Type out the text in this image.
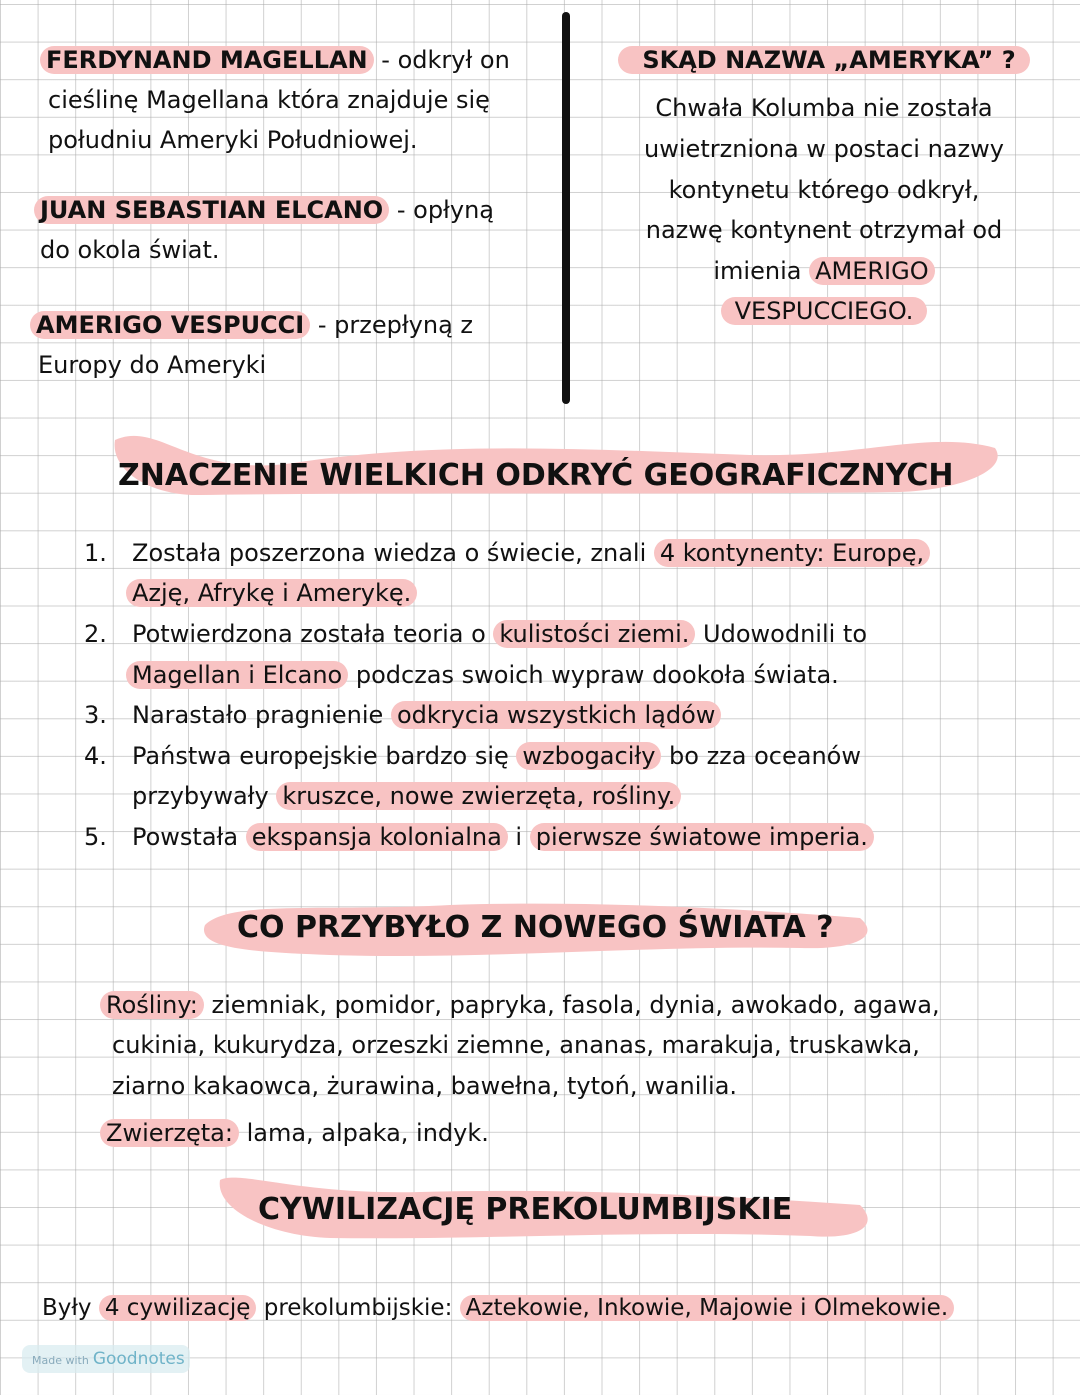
FERDYNAND MAGELLAN - odkrył on
cieślinę Magellana która znajduje się
południu Ameryki Południowej.
JUAN SEBASTIAN ELCANO - opłyną
do okola świat.
AMERIGO VESPUCCI - przepłyną z
Europy do Ameryki
SKĄD NAZWA „AMERYKA” ?
Chwała Kolumba nie została
uwietrzniona w postaci nazwy
kontynetu którego odkrył,
nazwę kontynent otrzymał od
imienia AMERIGO
VESPUCCIEGO.
ZNACZENIE WIELKICH ODKRYĆ GEOGRAFICZNYCH
1. Została poszerzona wiedza o świecie, znali 4 kontynenty: Europę,
Azję, Afrykę i Amerykę.
2. Potwierdzona została teoria o kulistości ziemi. Udowodnili to
Magellan i Elcano podczas swoich wypraw dookoła świata.
3. Narastało pragnienie odkrycia wszystkich lądów
4. Państwa europejskie bardzo się wzbogaciły bo zza oceanów
przybywały kruszce, nowe zwierzęta, rośliny.
5. Powstała ekspansja kolonialna i pierwsze światowe imperia.
CO PRZYBYŁO Z NOWEGO ŚWIATA ?
Rośliny: ziemniak, pomidor, papryka, fasola, dynia, awokado, agawa,
cukinia, kukurydza, orzeszki ziemne, ananas, marakuja, truskawka,
ziarno kakaowca, żurawina, bawełna, tytoń, wanilia.
Zwierzęta: lama, alpaka, indyk.
CYWILIZACJĘ PREKOLUMBIJSKIE
Były 4 cywilizację prekolumbijskie: Aztekowie, Inkowie, Majowie i Olmekowie.
Made with Goodnotes
